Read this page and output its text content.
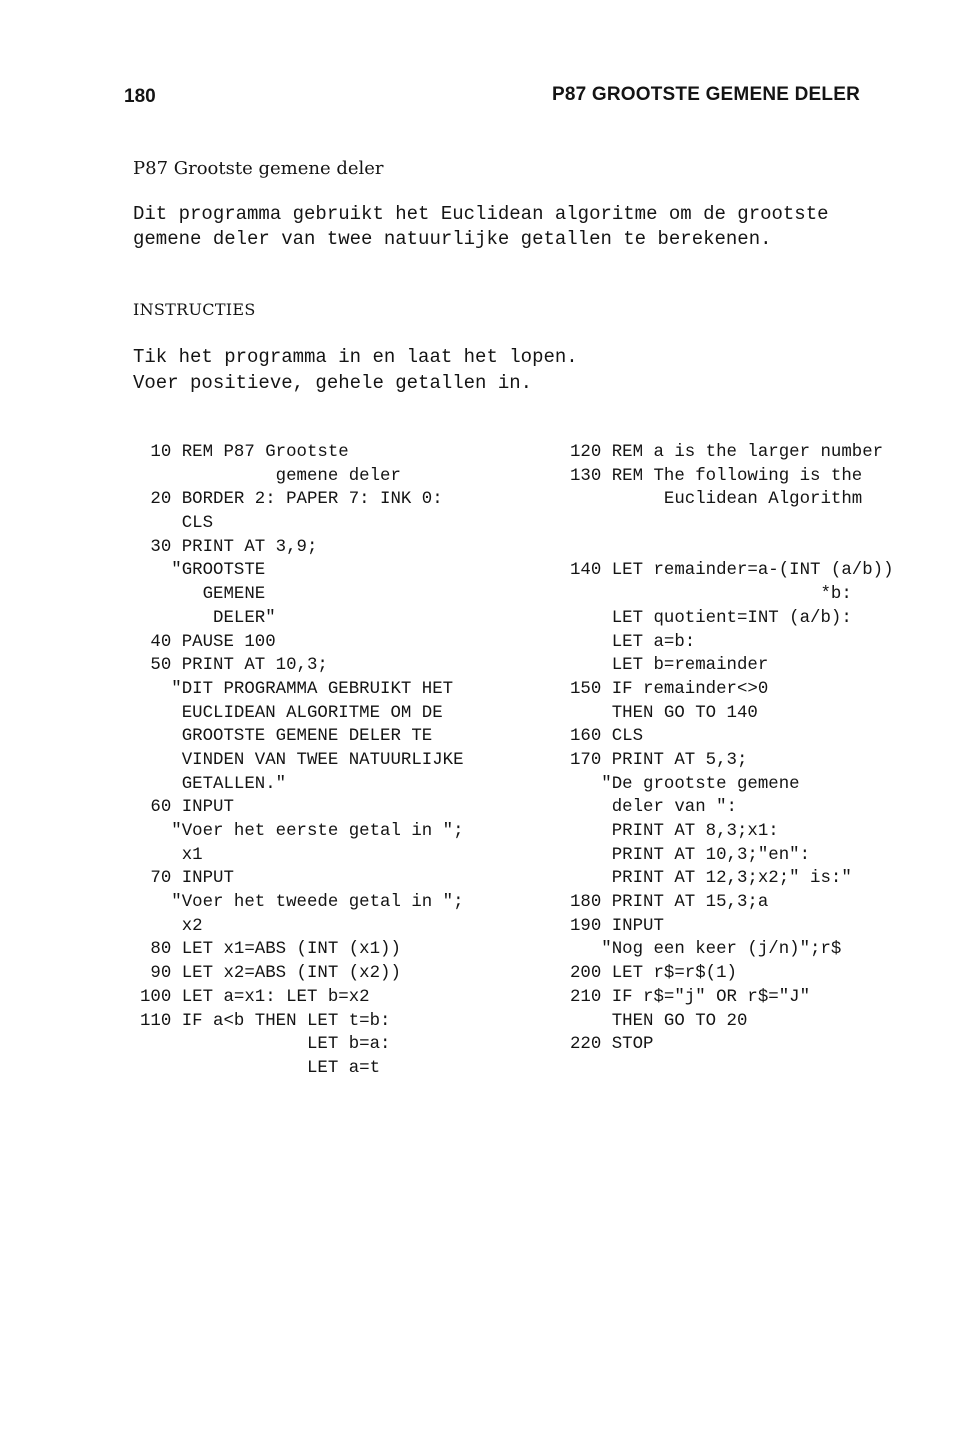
180	P87 GROOTSTE GEMENE DELER
P87 Grootste gemene deler

Dit programma gebruikt het Euclidean algoritme om de grootste

gemene deler van twee natuurlijke getallen te berekenen.

INSTRUCTIES
Tik het programma in en laat het lopen.
Voer positieve, gehele getallen in.
10 REM P87 Grootste
gemene deler
20 BORDER 2: PAPER 7: INK 0:
CLS
30 PRINT AT 3,9;
"GROOTSTE
GEMENE
DELER"
40 PAUSE 100
50 PRINT AT 10,3;
"DIT PROGRAMMA GEBRUIKT HET
EUCLIDEAN ALGORITME OM DE
GROOTSTE GEMENE DELER TE
VINDEN VAN TWEE NATUURLIJKE
GETALLEN."
60 INPUT
"Voer het eerste getal in ";
x1
70 INPUT
"Voer het tweede getal in ";
x2
80 LET x1=ABS (INT (x1))
90 LET x2=ABS (INT (x2))
100 LET a=x1: LET b=x2
110 IF a<b THEN LET t=b:
LET b=a:
LET a=t
120 REM a is the larger number
130 REM The following is the
Euclidean Algorithm
140 LET remainder=a-(INT (a/b))
*b:
LET quotient=INT (a/b):
LET a=b:
LET b=remainder
150 IF remainder<>0
THEN GO TO 140
160 CLS
170 PRINT AT 5,3;
"De grootste gemene
deler van ":
PRINT AT 8,3;x1:
PRINT AT 10,3;"en":
PRINT AT 12,3;x2;" is:"
180 PRINT AT 15,3;a
190 INPUT
"Nog een keer (j/n)";r$
200 LET r$=r$(1)
210 IF r$="j" OR r$="J"
THEN GO TO 20
220 STOP
